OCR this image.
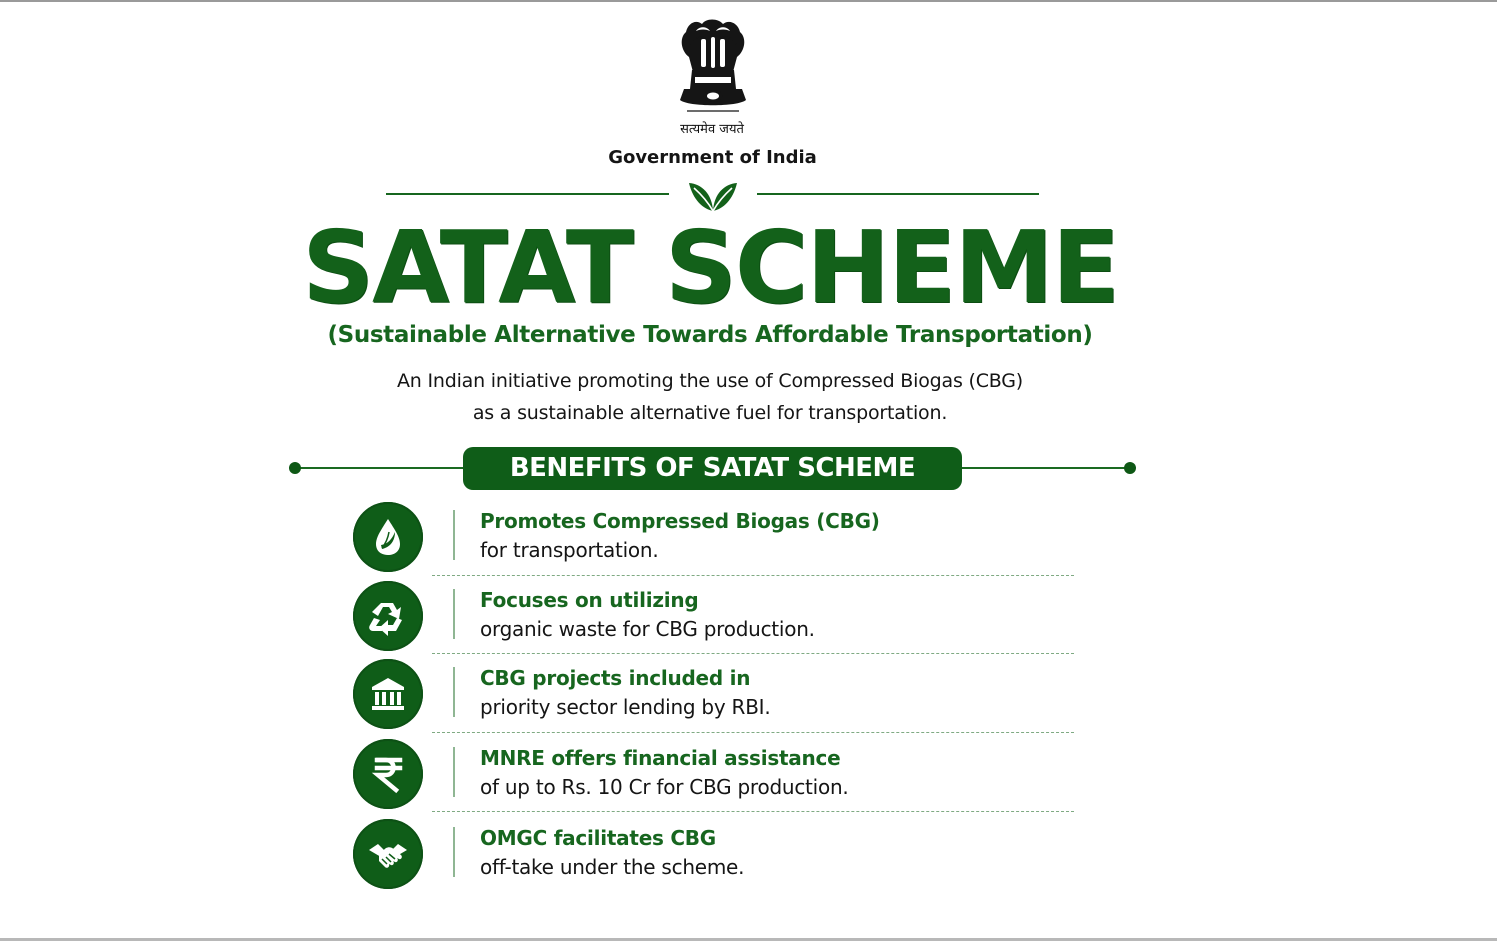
सत्यमेव जयते
Government of India
SATAT SCHEME
(Sustainable Alternative Towards Affordable Transportation)
An Indian initiative promoting the use of Compressed Biogas (CBG)
as a sustainable alternative fuel for transportation.
BENEFITS OF SATAT SCHEME
Promotes Compressed Biogas (CBG)
for transportation.
Focuses on utilizing
organic waste for CBG production.
CBG projects included in
priority sector lending by RBI.
MNRE offers financial assistance
of up to Rs. 10 Cr for CBG production.
OMGC facilitates CBG
off-take under the scheme.
